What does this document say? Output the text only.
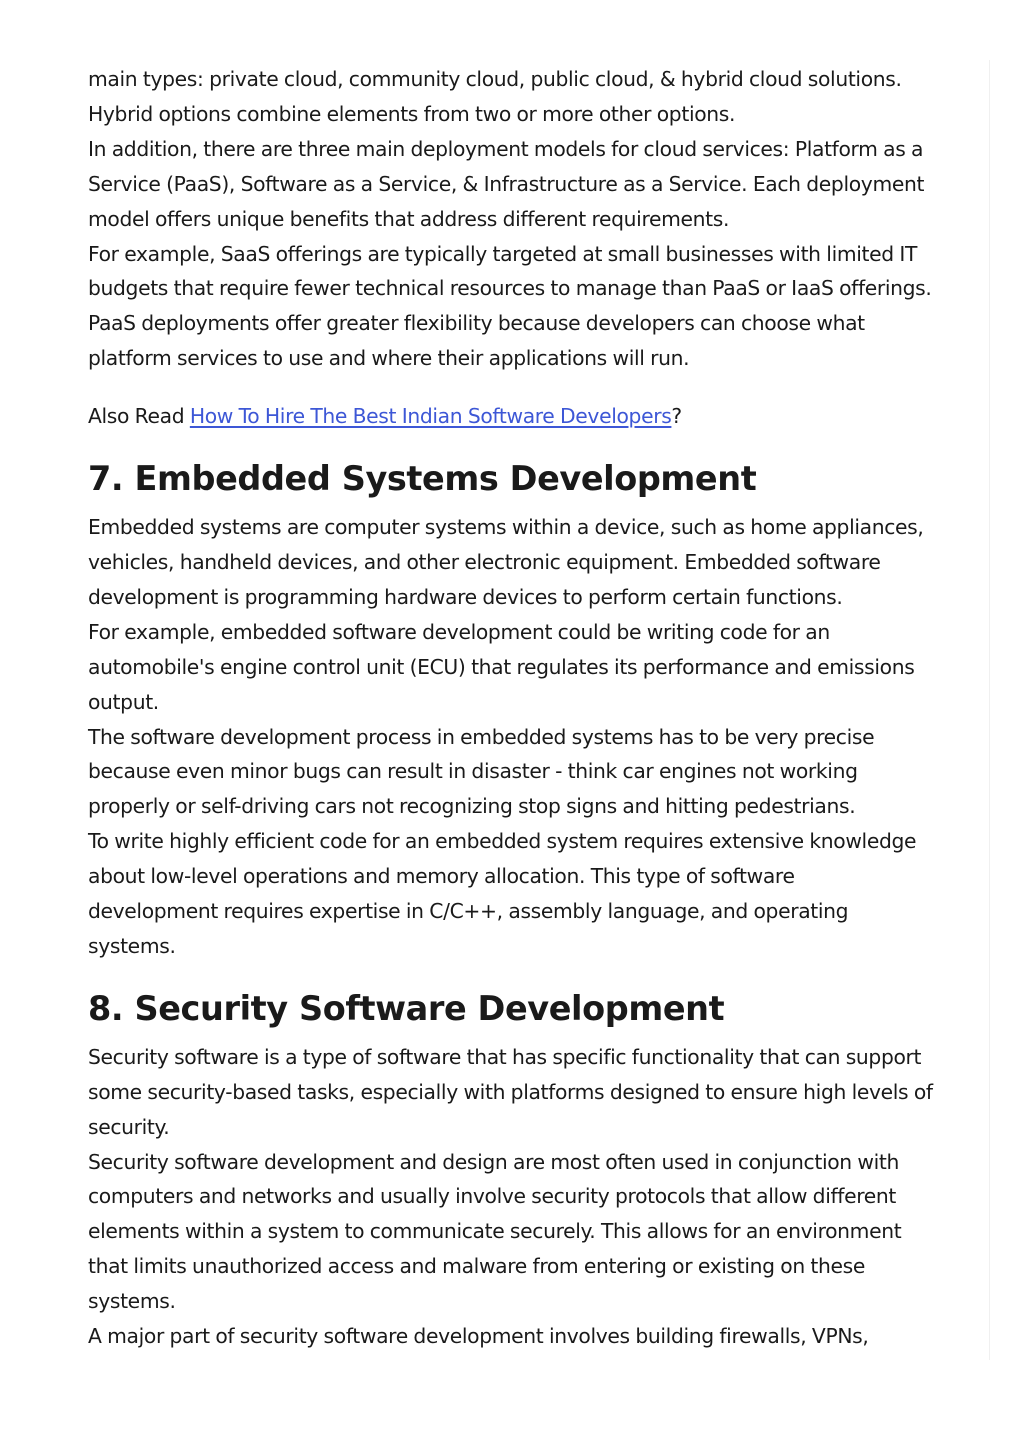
main types: private cloud, community cloud, public cloud, & hybrid cloud solutions.
Hybrid options combine elements from two or more other options.

In addition, there are three main deployment models for cloud services: Platform as a
Service (PaaS), Software as a Service, & Infrastructure as a Service. Each deployment
model offers unique benefits that address different requirements.

For example, SaaS offerings are typically targeted at small businesses with limited IT
budgets that require fewer technical resources to manage than PaaS or IaaS offerings.
PaaS deployments offer greater flexibility because developers can choose what
platform services to use and where their applications will run.

Also Read How To Hire The Best Indian Software Developers?

7. Embedded Systems Development

Embedded systems are computer systems within a device, such as home appliances,
vehicles, handheld devices, and other electronic equipment. Embedded software
development is programming hardware devices to perform certain functions.

For example, embedded software development could be writing code for an
automobile's engine control unit (ECU) that regulates its performance and emissions
output.

The software development process in embedded systems has to be very precise
because even minor bugs can result in disaster - think car engines not working
properly or self-driving cars not recognizing stop signs and hitting pedestrians.

To write highly efficient code for an embedded system requires extensive knowledge
about low-level operations and memory allocation. This type of software
development requires expertise in C/C++, assembly language, and operating
systems.

8. Security Software Development

Security software is a type of software that has specific functionality that can support
some security-based tasks, especially with platforms designed to ensure high levels of
security.

Security software development and design are most often used in conjunction with
computers and networks and usually involve security protocols that allow different
elements within a system to communicate securely. This allows for an environment
that limits unauthorized access and malware from entering or existing on these
systems.

A major part of security software development involves building firewalls, VPNs,
